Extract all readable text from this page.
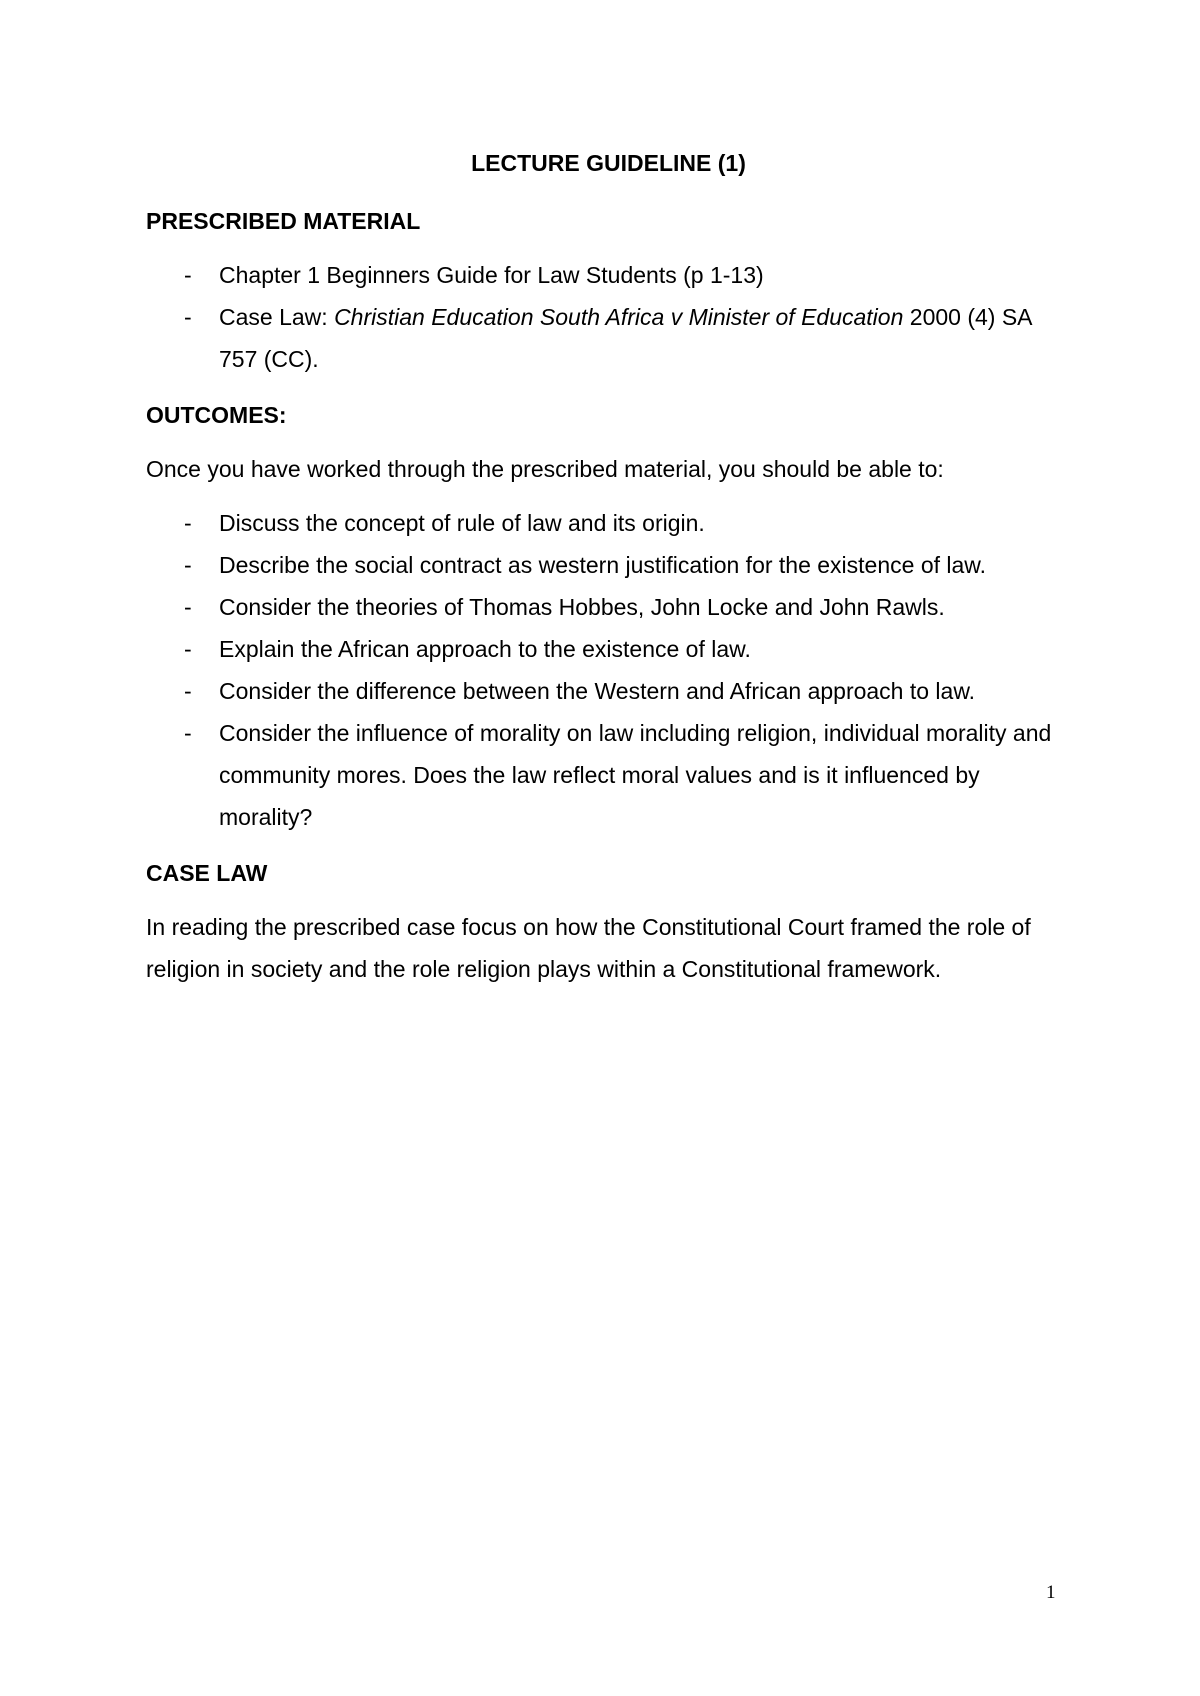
LECTURE GUIDELINE (1)
PRESCRIBED MATERIAL
- Chapter 1 Beginners Guide for Law Students (p 1-13)
- Case Law: Christian Education South Africa v Minister of Education 2000 (4) SA 757 (CC).
OUTCOMES:
Once you have worked through the prescribed material, you should be able to:
- Discuss the concept of rule of law and its origin.
- Describe the social contract as western justification for the existence of law.
- Consider the theories of Thomas Hobbes, John Locke and John Rawls.
- Explain the African approach to the existence of law.
- Consider the difference between the Western and African approach to law.
- Consider the influence of morality on law including religion, individual morality and community mores. Does the law reflect moral values and is it influenced by morality?
CASE LAW
In reading the prescribed case focus on how the Constitutional Court framed the role of religion in society and the role religion plays within a Constitutional framework.
1
